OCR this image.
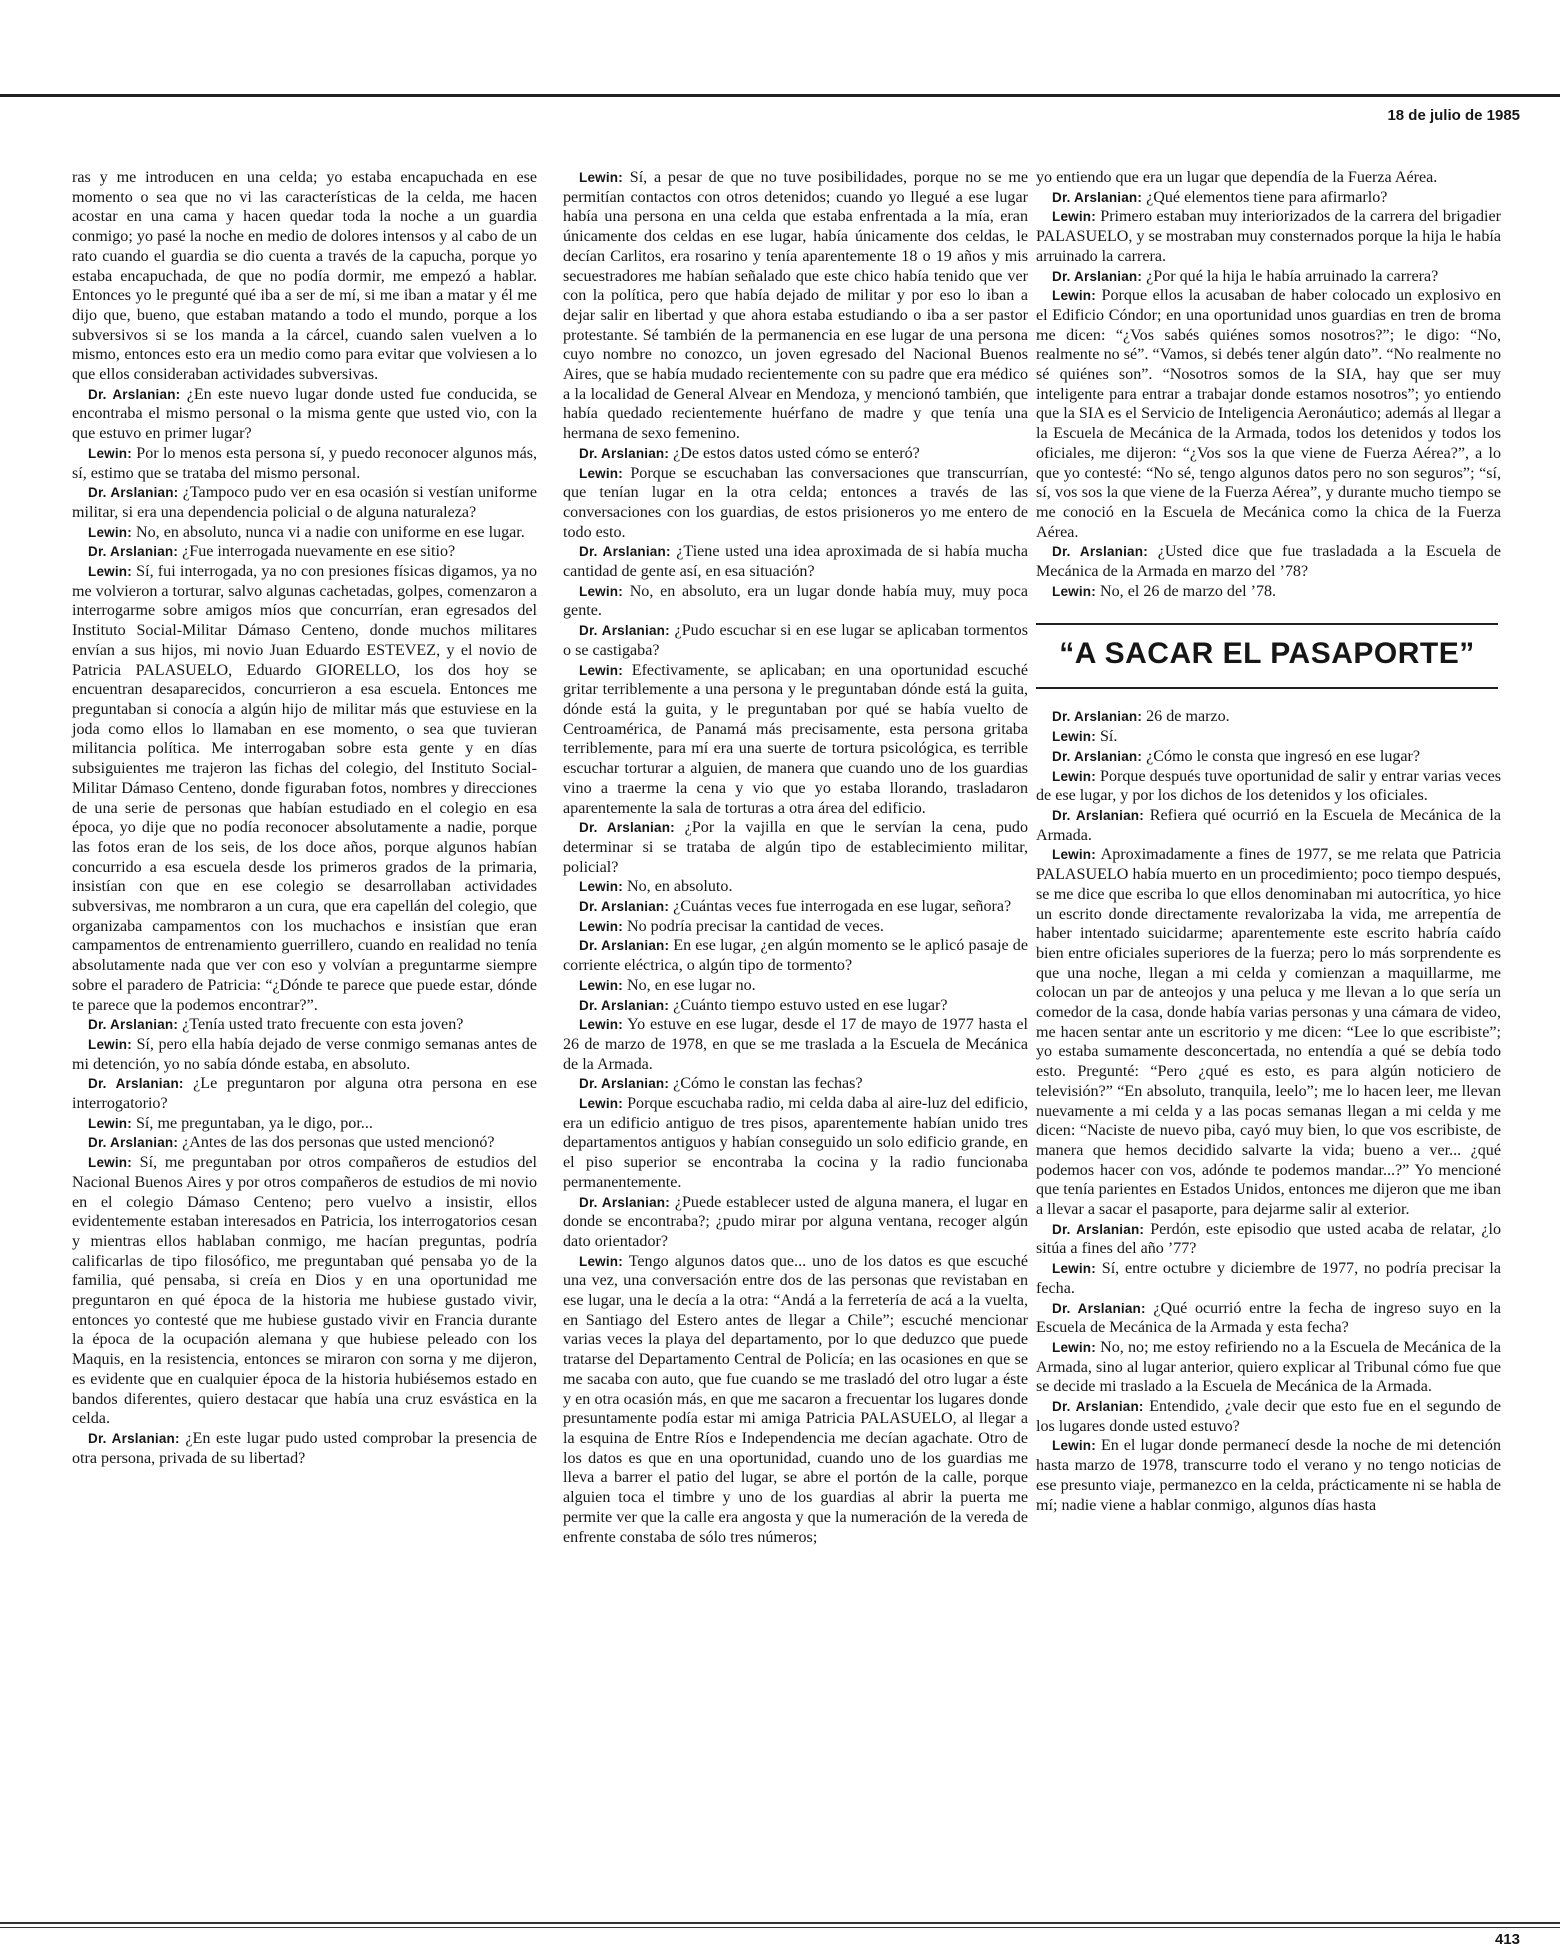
18 de julio de 1985

ras y me introducen en una celda; yo estaba encapuchada en ese momento o sea que no vi las características de la celda, me hacen acostar en una cama y hacen quedar toda la noche a un guardia conmigo; yo pasé la noche en medio de dolores intensos y al cabo de un rato cuando el guardia se dio cuenta a través de la capucha, porque yo estaba encapuchada, de que no podía dormir, me empezó a hablar. Entonces yo le pregunté qué iba a ser de mí, si me iban a matar y él me dijo que, bueno, que estaban matando a todo el mundo, porque a los subversivos si se los manda a la cárcel, cuando salen vuelven a lo mismo, entonces esto era un medio como para evitar que volviesen a lo que ellos consideraban actividades subversivas.

Dr. Arslanian: ¿En este nuevo lugar donde usted fue conducida, se encontraba el mismo personal o la misma gente que usted vio, con la que estuvo en primer lugar?

Lewin: Por lo menos esta persona sí, y puedo reconocer algunos más, sí, estimo que se trataba del mismo personal.

Dr. Arslanian: ¿Tampoco pudo ver en esa ocasión si vestían uniforme militar, si era una dependencia policial o de alguna naturaleza?

Lewin: No, en absoluto, nunca vi a nadie con uniforme en ese lugar.

Dr. Arslanian: ¿Fue interrogada nuevamente en ese sitio?

Lewin: Sí, fui interrogada, ya no con presiones físicas digamos, ya no me volvieron a torturar, salvo algunas cachetadas, golpes, comenzaron a interrogarme sobre amigos míos que concurrían, eran egresados del Instituto Social-Militar Dámaso Centeno, donde muchos militares envían a sus hijos, mi novio Juan Eduardo ESTEVEZ, y el novio de Patricia PALASUELO, Eduardo GIORELLO, los dos hoy se encuentran desaparecidos, concurrieron a esa escuela. Entonces me preguntaban si conocía a algún hijo de militar más que estuviese en la joda como ellos lo llamaban en ese momento, o sea que tuvieran militancia política. Me interrogaban sobre esta gente y en días subsiguientes me trajeron las fichas del colegio, del Instituto Social-Militar Dámaso Centeno, donde figuraban fotos, nombres y direcciones de una serie de personas que habían estudiado en el colegio en esa época, yo dije que no podía reconocer absolutamente a nadie, porque las fotos eran de los seis, de los doce años, porque algunos habían concurrido a esa escuela desde los primeros grados de la primaria, insistían con que en ese colegio se desarrollaban actividades subversivas, me nombraron a un cura, que era capellán del colegio, que organizaba campamentos con los muchachos e insistían que eran campamentos de entrenamiento guerrillero, cuando en realidad no tenía absolutamente nada que ver con eso y volvían a preguntarme siempre sobre el paradero de Patricia: “¿Dónde te parece que puede estar, dónde te parece que la podemos encontrar?”.

Dr. Arslanian: ¿Tenía usted trato frecuente con esta joven?

Lewin: Sí, pero ella había dejado de verse conmigo semanas antes de mi detención, yo no sabía dónde estaba, en absoluto.

Dr. Arslanian: ¿Le preguntaron por alguna otra persona en ese interrogatorio?

Lewin: Sí, me preguntaban, ya le digo, por...

Dr. Arslanian: ¿Antes de las dos personas que usted mencionó?

Lewin: Sí, me preguntaban por otros compañeros de estudios del Nacional Buenos Aires y por otros compañeros de estudios de mi novio en el colegio Dámaso Centeno; pero vuelvo a insistir, ellos evidentemente estaban interesados en Patricia, los interrogatorios cesan y mientras ellos hablaban conmigo, me hacían preguntas, podría calificarlas de tipo filosófico, me preguntaban qué pensaba yo de la familia, qué pensaba, si creía en Dios y en una oportunidad me preguntaron en qué época de la historia me hubiese gustado vivir, entonces yo contesté que me hubiese gustado vivir en Francia durante la época de la ocupación alemana y que hubiese peleado con los Maquis, en la resistencia, entonces se miraron con sorna y me dijeron, es evidente que en cualquier época de la historia hubiésemos estado en bandos diferentes, quiero destacar que había una cruz esvástica en la celda.

Dr. Arslanian: ¿En este lugar pudo usted comprobar la presencia de otra persona, privada de su libertad?

Lewin: Sí, a pesar de que no tuve posibilidades, porque no se me permitían contactos con otros detenidos; cuando yo llegué a ese lugar había una persona en una celda que estaba enfrentada a la mía, eran únicamente dos celdas en ese lugar, había únicamente dos celdas, le decían Carlitos, era rosarino y tenía aparentemente 18 o 19 años y mis secuestradores me habían señalado que este chico había tenido que ver con la política, pero que había dejado de militar y por eso lo iban a dejar salir en libertad y que ahora estaba estudiando o iba a ser pastor protestante. Sé también de la permanencia en ese lugar de una persona cuyo nombre no conozco, un joven egresado del Nacional Buenos Aires, que se había mudado recientemente con su padre que era médico a la localidad de General Alvear en Mendoza, y mencionó también, que había quedado recientemente huérfano de madre y que tenía una hermana de sexo femenino.

Dr. Arslanian: ¿De estos datos usted cómo se enteró?

Lewin: Porque se escuchaban las conversaciones que transcurrían, que tenían lugar en la otra celda; entonces a través de las conversaciones con los guardias, de estos prisioneros yo me entero de todo esto.

Dr. Arslanian: ¿Tiene usted una idea aproximada de si había mucha cantidad de gente así, en esa situación?

Lewin: No, en absoluto, era un lugar donde había muy, muy poca gente.

Dr. Arslanian: ¿Pudo escuchar si en ese lugar se aplicaban tormentos o se castigaba?

Lewin: Efectivamente, se aplicaban; en una oportunidad escuché gritar terriblemente a una persona y le preguntaban dónde está la guita, dónde está la guita, y le preguntaban por qué se había vuelto de Centroamérica, de Panamá más precisamente, esta persona gritaba terriblemente, para mí era una suerte de tortura psicológica, es terrible escuchar torturar a alguien, de manera que cuando uno de los guardias vino a traerme la cena y vio que yo estaba llorando, trasladaron aparentemente la sala de torturas a otra área del edificio.

Dr. Arslanian: ¿Por la vajilla en que le servían la cena, pudo determinar si se trataba de algún tipo de establecimiento militar, policial?

Lewin: No, en absoluto.

Dr. Arslanian: ¿Cuántas veces fue interrogada en ese lugar, señora?

Lewin: No podría precisar la cantidad de veces.

Dr. Arslanian: En ese lugar, ¿en algún momento se le aplicó pasaje de corriente eléctrica, o algún tipo de tormento?

Lewin: No, en ese lugar no.

Dr. Arslanian: ¿Cuánto tiempo estuvo usted en ese lugar?

Lewin: Yo estuve en ese lugar, desde el 17 de mayo de 1977 hasta el 26 de marzo de 1978, en que se me traslada a la Escuela de Mecánica de la Armada.

Dr. Arslanian: ¿Cómo le constan las fechas?

Lewin: Porque escuchaba radio, mi celda daba al aire-luz del edificio, era un edificio antiguo de tres pisos, aparentemente habían unido tres departamentos antiguos y habían conseguido un solo edificio grande, en el piso superior se encontraba la cocina y la radio funcionaba permanentemente.

Dr. Arslanian: ¿Puede establecer usted de alguna manera, el lugar en donde se encontraba?; ¿pudo mirar por alguna ventana, recoger algún dato orientador?

Lewin: Tengo algunos datos que... uno de los datos es que escuché una vez, una conversación entre dos de las personas que revistaban en ese lugar, una le decía a la otra: “Andá a la ferretería de acá a la vuelta, en Santiago del Estero antes de llegar a Chile”; escuché mencionar varias veces la playa del departamento, por lo que deduzco que puede tratarse del Departamento Central de Policía; en las ocasiones en que se me sacaba con auto, que fue cuando se me trasladó del otro lugar a éste y en otra ocasión más, en que me sacaron a frecuentar los lugares donde presuntamente podía estar mi amiga Patricia PALASUELO, al llegar a la esquina de Entre Ríos e Independencia me decían agachate. Otro de los datos es que en una oportunidad, cuando uno de los guardias me lleva a barrer el patio del lugar, se abre el portón de la calle, porque alguien toca el timbre y uno de los guardias al abrir la puerta me permite ver que la calle era angosta y que la numeración de la vereda de enfrente constaba de sólo tres números;

yo entiendo que era un lugar que dependía de la Fuerza Aérea.

Dr. Arslanian: ¿Qué elementos tiene para afirmarlo?

Lewin: Primero estaban muy interiorizados de la carrera del brigadier PALASUELO, y se mostraban muy consternados porque la hija le había arruinado la carrera.

Dr. Arslanian: ¿Por qué la hija le había arruinado la carrera?

Lewin: Porque ellos la acusaban de haber colocado un explosivo en el Edificio Cóndor; en una oportunidad unos guardias en tren de broma me dicen: “¿Vos sabés quiénes somos nosotros?”; le digo: “No, realmente no sé”. “Vamos, si debés tener algún dato”. “No realmente no sé quiénes son”. “Nosotros somos de la SIA, hay que ser muy inteligente para entrar a trabajar donde estamos nosotros”; yo entiendo que la SIA es el Servicio de Inteligencia Aeronáutico; además al llegar a la Escuela de Mecánica de la Armada, todos los detenidos y todos los oficiales, me dijeron: “¿Vos sos la que viene de Fuerza Aérea?”, a lo que yo contesté: “No sé, tengo algunos datos pero no son seguros”; “sí, sí, vos sos la que viene de la Fuerza Aérea”, y durante mucho tiempo se me conoció en la Escuela de Mecánica como la chica de la Fuerza Aérea.

Dr. Arslanian: ¿Usted dice que fue trasladada a la Escuela de Mecánica de la Armada en marzo del ’78?

Lewin: No, el 26 de marzo del ’78.

“A SACAR EL PASAPORTE”

Dr. Arslanian: 26 de marzo.

Lewin: Sí.

Dr. Arslanian: ¿Cómo le consta que ingresó en ese lugar?

Lewin: Porque después tuve oportunidad de salir y entrar varias veces de ese lugar, y por los dichos de los detenidos y los oficiales.

Dr. Arslanian: Refiera qué ocurrió en la Escuela de Mecánica de la Armada.

Lewin: Aproximadamente a fines de 1977, se me relata que Patricia PALASUELO había muerto en un procedimiento; poco tiempo después, se me dice que escriba lo que ellos denominaban mi autocrítica, yo hice un escrito donde directamente revalorizaba la vida, me arrepentía de haber intentado suicidarme; aparentemente este escrito habría caído bien entre oficiales superiores de la fuerza; pero lo más sorprendente es que una noche, llegan a mi celda y comienzan a maquillarme, me colocan un par de anteojos y una peluca y me llevan a lo que sería un comedor de la casa, donde había varias personas y una cámara de video, me hacen sentar ante un escritorio y me dicen: “Lee lo que escribiste”; yo estaba sumamente desconcertada, no entendía a qué se debía todo esto. Pregunté: “Pero ¿qué es esto, es para algún noticiero de televisión?” “En absoluto, tranquila, leelo”; me lo hacen leer, me llevan nuevamente a mi celda y a las pocas semanas llegan a mi celda y me dicen: “Naciste de nuevo piba, cayó muy bien, lo que vos escribiste, de manera que hemos decidido salvarte la vida; bueno a ver... ¿qué podemos hacer con vos, adónde te podemos mandar...?” Yo mencioné que tenía parientes en Estados Unidos, entonces me dijeron que me iban a llevar a sacar el pasaporte, para dejarme salir al exterior.

Dr. Arslanian: Perdón, este episodio que usted acaba de relatar, ¿lo sitúa a fines del año ’77?

Lewin: Sí, entre octubre y diciembre de 1977, no podría precisar la fecha.

Dr. Arslanian: ¿Qué ocurrió entre la fecha de ingreso suyo en la Escuela de Mecánica de la Armada y esta fecha?

Lewin: No, no; me estoy refiriendo no a la Escuela de Mecánica de la Armada, sino al lugar anterior, quiero explicar al Tribunal cómo fue que se decide mi traslado a la Escuela de Mecánica de la Armada.

Dr. Arslanian: Entendido, ¿vale decir que esto fue en el segundo de los lugares donde usted estuvo?

Lewin: En el lugar donde permanecí desde la noche de mi detención hasta marzo de 1978, transcurre todo el verano y no tengo noticias de ese presunto viaje, permanezco en la celda, prácticamente ni se habla de mí; nadie viene a hablar conmigo, algunos días hasta

413
